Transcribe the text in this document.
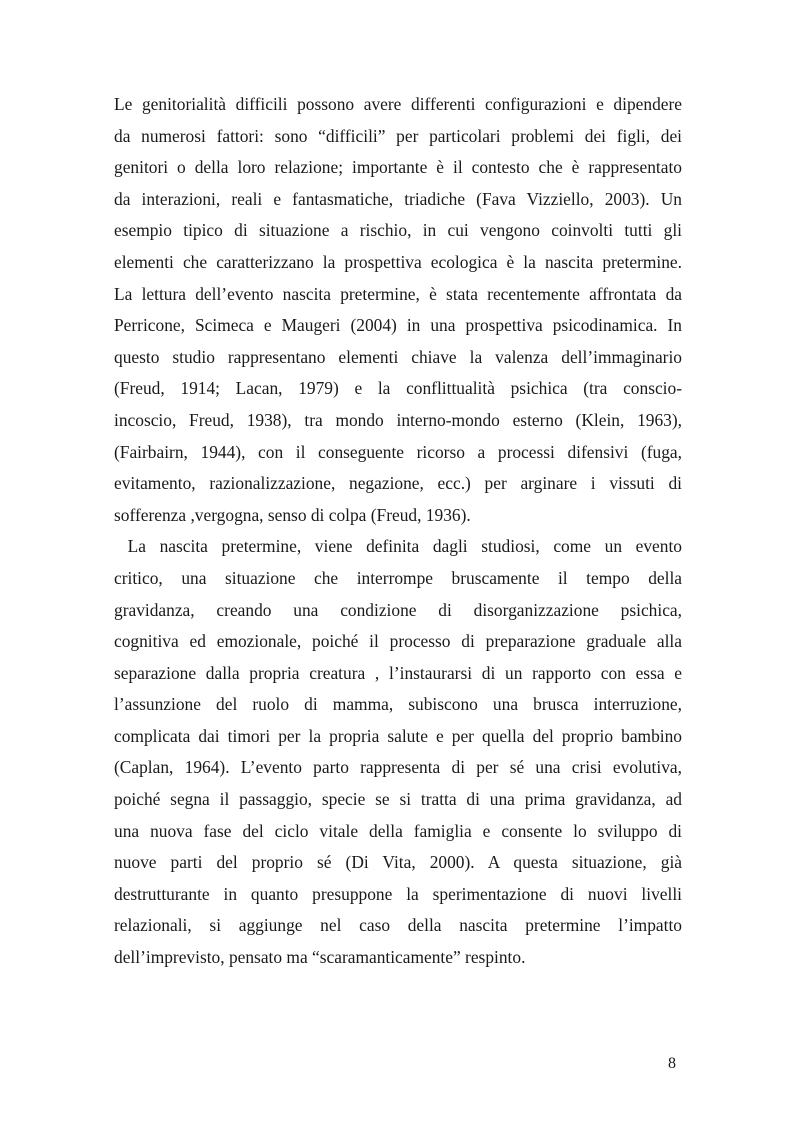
Le genitorialità difficili possono avere differenti configurazioni e dipendere
da numerosi fattori: sono “difficili” per particolari problemi dei figli, dei
genitori o della loro relazione; importante è il contesto che è rappresentato
da interazioni, reali e fantasmatiche, triadiche (Fava Vizziello, 2003). Un
esempio tipico di situazione a rischio, in cui vengono coinvolti tutti gli
elementi che caratterizzano la prospettiva ecologica è la nascita pretermine.
La lettura dell’evento nascita pretermine, è stata recentemente affrontata da
Perricone, Scimeca e Maugeri (2004) in una prospettiva psicodinamica. In
questo studio rappresentano elementi chiave la valenza dell’immaginario
(Freud, 1914; Lacan, 1979) e la conflittualità psichica (tra conscio-
incoscio, Freud, 1938), tra mondo interno-mondo esterno (Klein, 1963),
(Fairbairn, 1944), con il conseguente ricorso a processi difensivi (fuga,
evitamento, razionalizzazione, negazione, ecc.) per arginare i vissuti di
sofferenza ,vergogna, senso di colpa (Freud, 1936).
La nascita pretermine, viene definita dagli studiosi, come un evento
critico, una situazione che interrompe bruscamente il tempo della
gravidanza, creando una condizione di disorganizzazione psichica,
cognitiva ed emozionale, poiché il processo di preparazione graduale alla
separazione dalla propria creatura , l’instaurarsi di un rapporto con essa e
l’assunzione del ruolo di mamma, subiscono una brusca interruzione,
complicata dai timori per la propria salute e per quella del proprio bambino
(Caplan, 1964). L’evento parto rappresenta di per sé una crisi evolutiva,
poiché segna il passaggio, specie se si tratta di una prima gravidanza, ad
una nuova fase del ciclo vitale della famiglia e consente lo sviluppo di
nuove parti del proprio sé (Di Vita, 2000). A questa situazione, già
destrutturante in quanto presuppone la sperimentazione di nuovi livelli
relazionali, si aggiunge nel caso della nascita pretermine l’impatto
dell’imprevisto, pensato ma “scaramanticamente” respinto.
8
